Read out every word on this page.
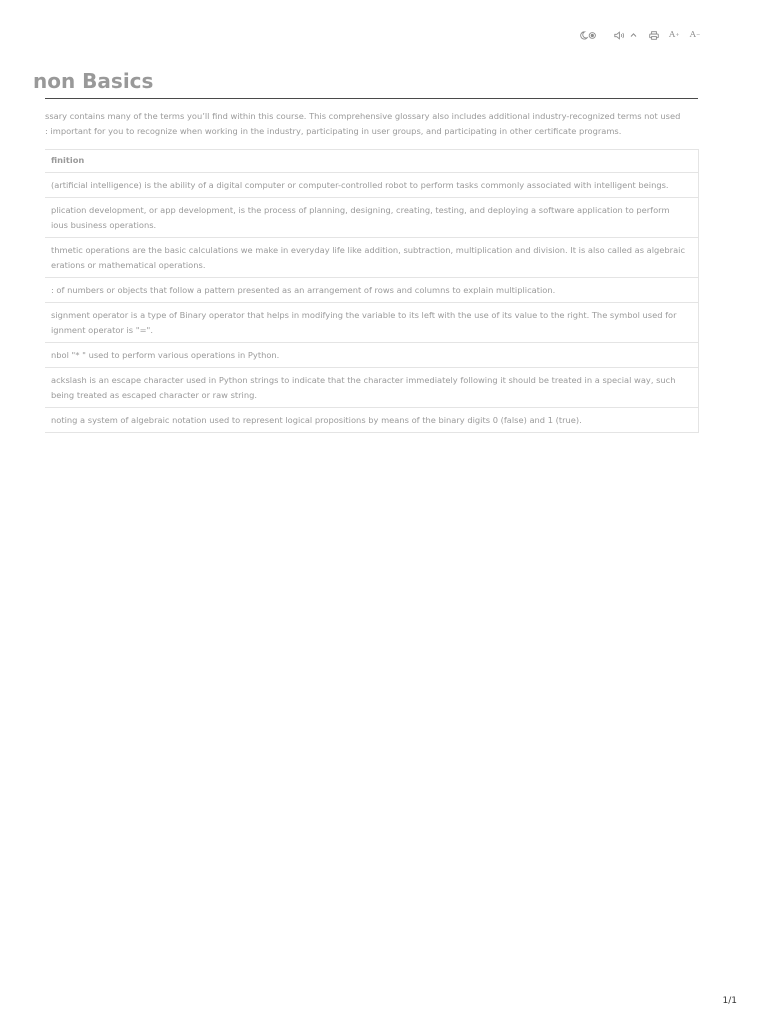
A + A −
non Basics

ssary contains many of the terms you’ll find within this course. This comprehensive glossary also includes additional industry-recognized terms not used
: important for you to recognize when working in the industry, participating in user groups, and participating in other certificate programs.

finition
(artificial intelligence) is the ability of a digital computer or computer-controlled robot to perform tasks commonly associated with intelligent beings.
plication development, or app development, is the process of planning, designing, creating, testing, and deploying a software application to perform
ious business operations.
thmetic operations are the basic calculations we make in everyday life like addition, subtraction, multiplication and division. It is also called as algebraic
erations or mathematical operations.
: of numbers or objects that follow a pattern presented as an arrangement of rows and columns to explain multiplication.
signment operator is a type of Binary operator that helps in modifying the variable to its left with the use of its value to the right. The symbol used for
ignment operator is "=".
nbol "* " used to perform various operations in Python.
ackslash is an escape character used in Python strings to indicate that the character immediately following it should be treated in a special way, such
being treated as escaped character or raw string.
noting a system of algebraic notation used to represent logical propositions by means of the binary digits 0 (false) and 1 (true).
1/1
